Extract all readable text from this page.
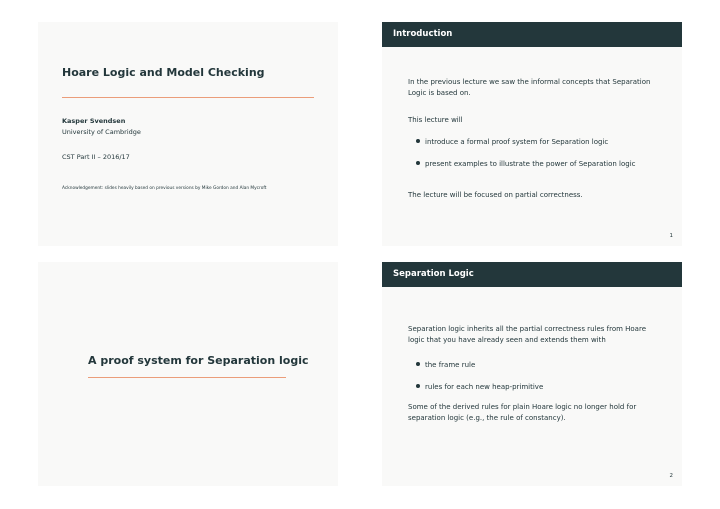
Hoare Logic and Model Checking
Kasper Svendsen
University of Cambridge
CST Part II – 2016/17
Acknowledgement: slides heavily based on previous versions by Mike Gordon and Alan Mycroft
Introduction
In the previous lecture we saw the informal concepts that Separation Logic is based on.
This lecture will
introduce a formal proof system for Separation logic
present examples to illustrate the power of Separation logic
The lecture will be focused on partial correctness.
1
A proof system for Separation logic
Separation Logic
Separation logic inherits all the partial correctness rules from Hoare logic that you have already seen and extends them with
the frame rule
rules for each new heap-primitive
Some of the derived rules for plain Hoare logic no longer hold for separation logic (e.g., the rule of constancy).
2
